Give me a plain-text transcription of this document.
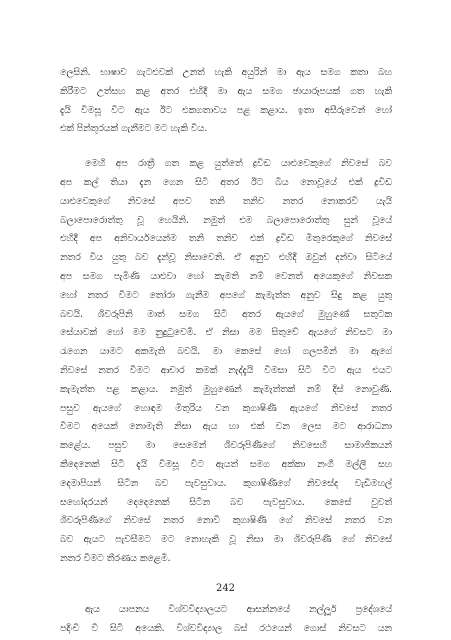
ලෙසිනි. භාෂාව ගැටළුවක් උනත් හැකි අයුරින් මා ඇය සමග කතා බහ
කිරීමට උත්සහ කළ අතර එහිදී මා ඇය සමග ඡායාරූපයක් ගත හැකි
දැයි විමසූ විට ඇය ඊට එකගතාවය පළ කළාය. ඉතා අසීරුවෙන් හෝ
එක් පින්තූරයක් ගැනීමට මට හැකි විය.

මෙහි අප රාත්‍රී ගත කළ යුත්තේ ද්‍රවිඩ යාළුවෙකුගේ නිවසේ බව
අප කල් තියා දැන ගෙන සිටි අතර ඊට බිය නොවූයේ එක් ද්‍රවිඩ
යාළුවෙකුගේ නිවසේ අපව තනි තනිව නතර නොකරවී යැයි
බලාපොරොත්තු වූ හෙයිනි. නමුත් එම බලාපොරොත්තු සුන් වූයේ
එහිදී අප අනිවාර්යයෙන්ම තනි තනිව එක් ද්‍රවිඩ මිතුරෙකුගේ නිවසේ
නතර විය යුතු බව දැන්වූ නිසාවෙනි. ඒ අනුව එහිදී ඔවුන් දන්වා සිටියේ
අප සමග පැමිණි යාළුවා හෝ කැමති නම් වෙනත් අයෙකුගේ නිවසක
හෝ නතර වීමට තෝරා ගැනීම අපගේ කැමැත්ත අනුව සිදු කළ යුතු
බවයි. ශිවරූපිනි මාත් සමග සිටි අතර ඇයගේ මුහුණේ සතුටක
සේයාවක් හෝ මම නුදුටුවෙමි. ඒ නිසා මම සිතුවේ ඇයගේ නිවසට මා
රැගෙන යාමට අකමැති බවයි. මා කෙසේ හෝ ගලපමින් මා ඇගේ
නිවසේ නතර වීමට ආචාර කමක් නැද්දැයි විමසා සිටි විට ඇය එයට
කැමැත්ත පළ කළාය. නමුත් මුහුණෙන් කැමැත්තක් නම් දිස් නොවුණි.
පසුව ඇයගේ හොඳම මිතුරිය වන කුගාෂිණී ඇයගේ නිවසේ නතර
වීමට අයෙක් නොමැති නිසා ඇය හා එක් වන ලෙස මට ආරාධනා
කළේය. පසුව මා සෙමෙන් ශිවරූපිණීගේ නිවසෙහි සාමාජිකයන්
කීදෙනෙක් සිටී දැයි විමසූ විට ඇයත් සමග අක්කා නංගී මල්ලී සහ
දෙමාපියන් සිටින බව පැවසුවාය. කුගාෂිණීගේ නිවසේද වැඩිමහල්
සහෝදරයන් දෙදෙනෙක් සිටින බව පැවසුවාය. කෙසේ වුවත්
ශිවරූපිණීගේ නිවසේ නතර නොවී කුගාෂිණී ගේ නිවසේ නතර වන
බව ඇයට පැවසීමට මට නොහැකි වූ නිසා මා ශිවරූපිණී ගේ නිවසේ
නතර වීමට තීරණය කළෙමි.

ඇය යාපනය විශ්වවිද්‍යාලයට ආසන්නයේ නල්ලූර් ප්‍රදේශයේ
පදිංචි වී සිටි අයෙකි. විශ්වවිද්‍යාල බස් රථයෙන් ගොස් නිවසට යන

242
